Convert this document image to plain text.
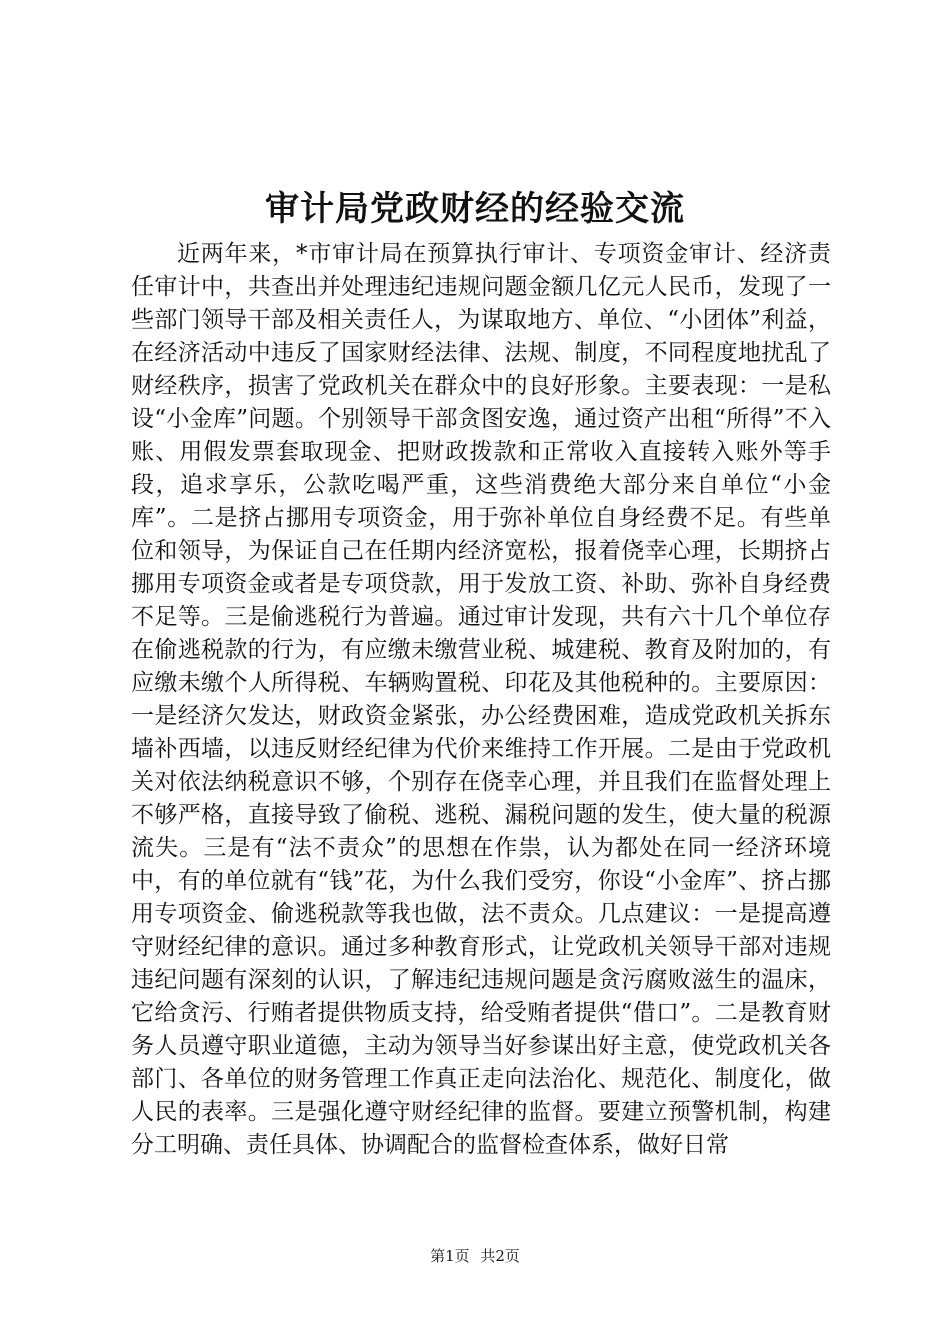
审计局党政财经的经验交流

近两年来，*市审计局在预算执行审计、专项资金审计、经济责任审计中，共查出并处理违纪违规问题金额几亿元人民币，发现了一些部门领导干部及相关责任人，为谋取地方、单位、“小团体”利益，在经济活动中违反了国家财经法律、法规、制度，不同程度地扰乱了财经秩序，损害了党政机关在群众中的良好形象。主要表现：一是私设“小金库”问题。个别领导干部贪图安逸，通过资产出租“所得”不入账、用假发票套取现金、把财政拨款和正常收入直接转入账外等手段，追求享乐，公款吃喝严重，这些消费绝大部分来自单位“小金库”。二是挤占挪用专项资金，用于弥补单位自身经费不足。有些单位和领导，为保证自己在任期内经济宽松，报着侥幸心理，长期挤占挪用专项资金或者是专项贷款，用于发放工资、补助、弥补自身经费不足等。三是偷逃税行为普遍。通过审计发现，共有六十几个单位存在偷逃税款的行为，有应缴未缴营业税、城建税、教育及附加的，有应缴未缴个人所得税、车辆购置税、印花及其他税种的。主要原因：一是经济欠发达，财政资金紧张，办公经费困难，造成党政机关拆东墙补西墙，以违反财经纪律为代价来维持工作开展。二是由于党政机关对依法纳税意识不够，个别存在侥幸心理，并且我们在监督处理上不够严格，直接导致了偷税、逃税、漏税问题的发生，使大量的税源流失。三是有“法不责众”的思想在作祟，认为都处在同一经济环境中，有的单位就有“钱”花，为什么我们受穷，你设“小金库”、挤占挪用专项资金、偷逃税款等我也做，法不责众。几点建议：一是提高遵守财经纪律的意识。通过多种教育形式，让党政机关领导干部对违规违纪问题有深刻的认识，了解违纪违规问题是贪污腐败滋生的温床，它给贪污、行贿者提供物质支持，给受贿者提供“借口”。二是教育财务人员遵守职业道德，主动为领导当好参谋出好主意，使党政机关各部门、各单位的财务管理工作真正走向法治化、规范化、制度化，做人民的表率。三是强化遵守财经纪律的监督。要建立预警机制，构建分工明确、责任具体、协调配合的监督检查体系，做好日常

第1页 共2页
